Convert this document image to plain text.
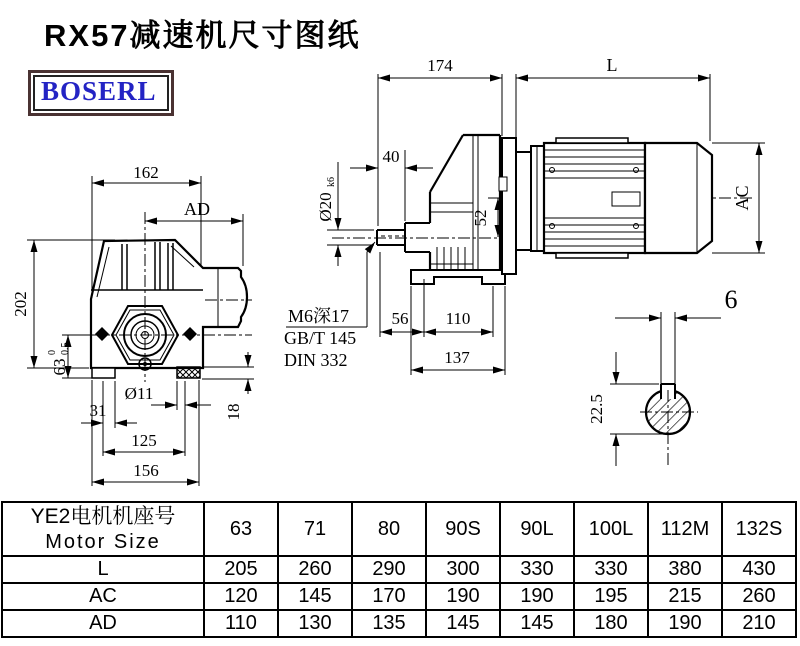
RX57减速机尺寸图纸
BOSERL
162
AD
202
63
0 0.5
31
Ø11
125
156
18
174	L
40
Ø20
k6
52
AC
56 110
137
M6深17
GB/T 145
DIN 332
6
22.5
YE2电机机座号
Motor Size	63	71	80	90S	90L	100L	112M	132S
L	205	260	290	300	330	330	380	430
AC	120	145	170	190	190	195	215	260
AD	110	130	135	145	145	180	190	210
